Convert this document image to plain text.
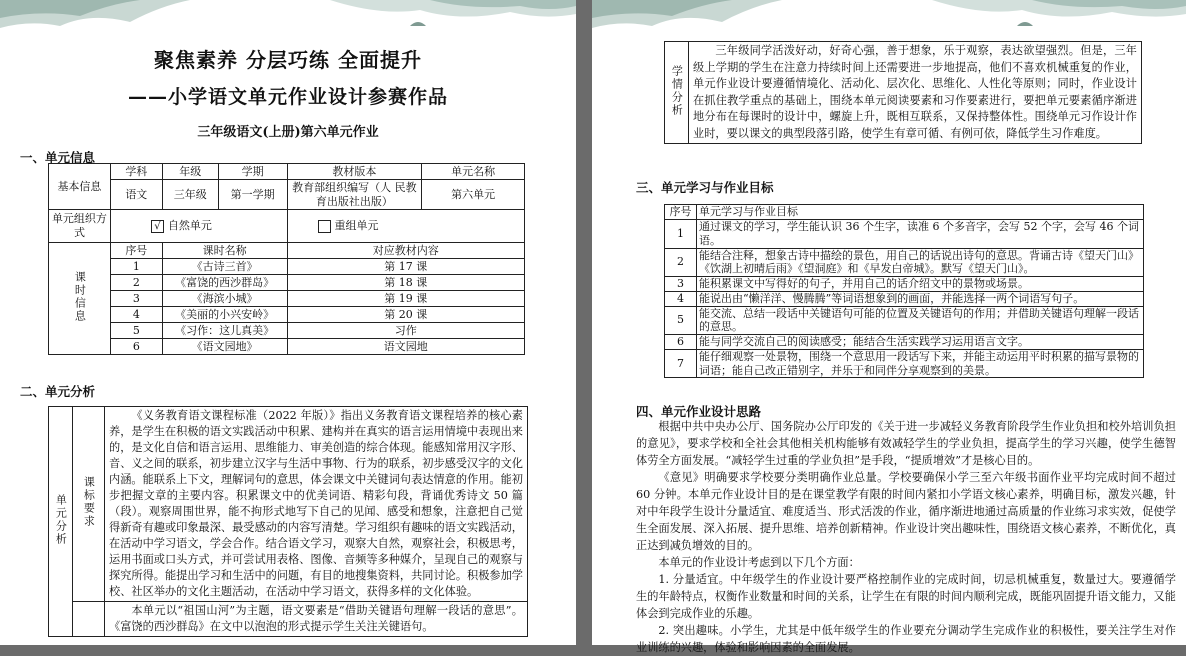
聚焦素养 分层巧练 全面提升
——小学语文单元作业设计参赛作品
三年级语文(上册)第六单元作业
一、单元信息
基本信息	学科	年级	学期	教材版本	单元名称
	语文	三年级	第一学期	教育部组织编写（人 民教育出版社出版）	第六单元
单元组织方式	√ 自然单元			重组单元	
课时信息	序号	课时名称		对应教材内容	
	1	《古诗三首》		第 17 课	
	2	《富饶的西沙群岛》		第 18 课	
	3	《海滨小城》		第 19 课	
	4	《美丽的小兴安岭》		第 20 课	
	5	《习作：这儿真美》		习作	
	6	《语文园地》		语文园地	
二、单元分析
单元分析	课标要求	《义务教育语文课程标准（2022 年版）》指出义务教育语文课程培养的核心素养，是学生在积极的语文实践活动中积累、建构并在真实的语言运用情境中表现出来的，是文化自信和语言运用、思维能力、审美创造的综合体现。能感知常用汉字形、音、义之间的联系，初步建立汉字与生活中事物、行为的联系，初步感受汉字的文化内涵。能联系上下文，理解词句的意思，体会课文中关键词句表达情意的作用。能初步把握文章的主要内容。积累课文中的优美词语、精彩句段，背诵优秀诗文 50 篇（段）。观察周围世界，能不拘形式地写下自己的见闻、感受和想象，注意把自己觉得新奇有趣或印象最深、最受感动的内容写清楚。学习组织有趣味的语文实践活动，在活动中学习语文，学会合作。结合语文学习，观察大自然，观察社会，积极思考，运用书面或口头方式，并可尝试用表格、图像、音频等多种媒介，呈现自己的观察与探究所得。能提出学习和生活中的问题，有目的地搜集资料，共同讨论。积极参加学校、社区举办的文化主题活动，在活动中学习语文，获得多样的文化体验。
		本单元以“祖国山河”为主题，语文要素是“借助关键语句理解一段话的意思”。《富饶的西沙群岛》在文中以泡泡的形式提示学生关注关键语句。
学情分析	三年级同学活泼好动，好奇心强，善于想象，乐于观察，表达欲望强烈。但是，三年级上学期的学生在注意力持续时间上还需要进一步地提高，他们不喜欢机械重复的作业，单元作业设计要遵循情境化、活动化、层次化、思维化、人性化等原则；同时，作业设计在抓住教学重点的基础上，围绕本单元阅读要素和习作要素进行，要把单元要素循序渐进地分布在每课时的设计中，螺旋上升，既相互联系，又保持整体性。围绕单元习作设计作业时，要以课文的典型段落引路，使学生有章可循、有例可依，降低学生习作难度。
三、单元学习与作业目标
序号	单元学习与作业目标
1	通过课文的学习，学生能认识 36 个生字，读准 6 个多音字，会写 52 个字，会写 46 个词语。
2	能结合注释，想象古诗中描绘的景色，用自己的话说出诗句的意思。背诵古诗《望天门山》《饮湖上初晴后雨》《望洞庭》和《早发白帝城》。默写《望天门山》。
3	能积累课文中写得好的句子，并用自己的话介绍文中的景物或场景。
4	能说出由“懒洋洋、慢腾腾”等词语想象到的画面，并能选择一两个词语写句子。
5	能交流、总结一段话中关键语句可能的位置及关键语句的作用；并借助关键语句理解一段话的意思。
6	能与同学交流自己的阅读感受；能结合生活实践学习运用语言文字。
7	能仔细观察一处景物，围绕一个意思用一段话写下来，并能主动运用平时积累的描写景物的词语；能自己改正错别字，并乐于和同伴分享观察到的美景。
四、单元作业设计思路

根据中共中央办公厅、国务院办公厅印发的《关于进一步减轻义务教育阶段学生作业负担和校外培训负担的意见》，要求学校和全社会其他相关机构能够有效减轻学生的学业负担，提高学生的学习兴趣，使学生德智体劳全方面发展。“减轻学生过重的学业负担”是手段，“提质增效”才是核心目的。

《意见》明确要求学校要分类明确作业总量。学校要确保小学三至六年级书面作业平均完成时间不超过 60 分钟。本单元作业设计目的是在课堂教学有限的时间内紧扣小学语文核心素养，明确目标，激发兴趣，针对中年段学生设计分量适宜、难度适当、形式活泼的作业，循序渐进地通过高质量的作业练习求实效，促使学生全面发展、深入拓展、提升思维、培养创新精神。作业设计突出趣味性，围绕语文核心素养，不断优化，真正达到减负增效的目的。

本单元的作业设计考虑到以下几个方面：

1. 分量适宜。中年级学生的作业设计要严格控制作业的完成时间，切忌机械重复，数量过大。要遵循学生的年龄特点，权衡作业数量和时间的关系，让学生在有限的时间内顺利完成，既能巩固提升语文能力，又能体会到完成作业的乐趣。

2. 突出趣味。小学生，尤其是中低年级学生的作业要充分调动学生完成作业的积极性，要关注学生对作业训练的兴趣，体验和影响因素的全面发展。
